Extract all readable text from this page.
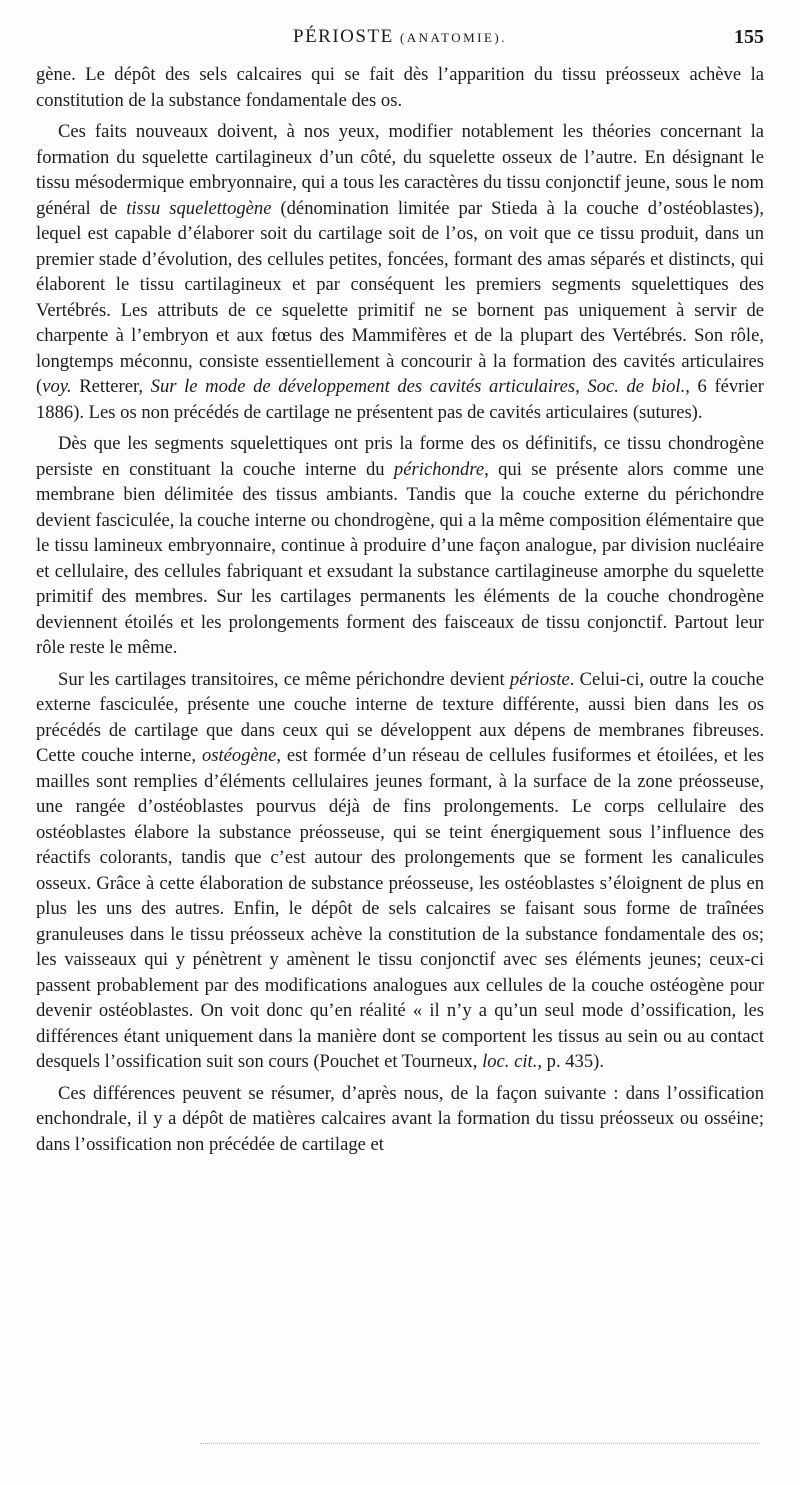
PÉRIOSTE (ANATOMIE).	155

gène. Le dépôt des sels calcaires qui se fait dès l’apparition du tissu préosseux achève la constitution de la substance fondamentale des os.

Ces faits nouveaux doivent, à nos yeux, modifier notablement les théories concernant la formation du squelette cartilagineux d’un côté, du squelette osseux de l’autre. En désignant le tissu mésodermique embryonnaire, qui a tous les caractères du tissu conjonctif jeune, sous le nom général de tissu squelettogène (dénomination limitée par Stieda à la couche d’ostéoblastes), lequel est capable d’élaborer soit du cartilage soit de l’os, on voit que ce tissu produit, dans un premier stade d’évolution, des cellules petites, foncées, formant des amas séparés et distincts, qui élaborent le tissu cartilagineux et par conséquent les premiers segments squelettiques des Vertébrés. Les attributs de ce squelette primitif ne se bornent pas uniquement à servir de charpente à l’embryon et aux fœtus des Mammifères et de la plupart des Vertébrés. Son rôle, longtemps méconnu, consiste essentiellement à concourir à la formation des cavités articulaires (voy. Retterer, Sur le mode de développement des cavités articulaires, Soc. de biol., 6 février 1886). Les os non précédés de cartilage ne présentent pas de cavités articulaires (sutures).

Dès que les segments squelettiques ont pris la forme des os définitifs, ce tissu chondrogène persiste en constituant la couche interne du périchondre, qui se présente alors comme une membrane bien délimitée des tissus ambiants. Tandis que la couche externe du périchondre devient fasciculée, la couche interne ou chondrogène, qui a la même composition élémentaire que le tissu lamineux embryonnaire, continue à produire d’une façon analogue, par division nucléaire et cellulaire, des cellules fabriquant et exsudant la substance cartilagineuse amorphe du squelette primitif des membres. Sur les cartilages permanents les éléments de la couche chondrogène deviennent étoilés et les prolongements forment des faisceaux de tissu conjonctif. Partout leur rôle reste le même.

Sur les cartilages transitoires, ce même périchondre devient périoste. Celui-ci, outre la couche externe fasciculée, présente une couche interne de texture différente, aussi bien dans les os précédés de cartilage que dans ceux qui se développent aux dépens de membranes fibreuses. Cette couche interne, ostéogène, est formée d’un réseau de cellules fusiformes et étoilées, et les mailles sont remplies d’éléments cellulaires jeunes formant, à la surface de la zone préosseuse, une rangée d’ostéoblastes pourvus déjà de fins prolongements. Le corps cellulaire des ostéoblastes élabore la substance préosseuse, qui se teint énergiquement sous l’influence des réactifs colorants, tandis que c’est autour des prolongements que se forment les canalicules osseux. Grâce à cette élaboration de substance préosseuse, les ostéoblastes s’éloignent de plus en plus les uns des autres. Enfin, le dépôt de sels calcaires se faisant sous forme de traînées granuleuses dans le tissu préosseux achève la constitution de la substance fondamentale des os; les vaisseaux qui y pénètrent y amènent le tissu conjonctif avec ses éléments jeunes; ceux-ci passent probablement par des modifications analogues aux cellules de la couche ostéogène pour devenir ostéoblastes. On voit donc qu’en réalité « il n’y a qu’un seul mode d’ossification, les différences étant uniquement dans la manière dont se comportent les tissus au sein ou au contact desquels l’ossification suit son cours (Pouchet et Tourneux, loc. cit., p. 435).

Ces différences peuvent se résumer, d’après nous, de la façon suivante : dans l’ossification enchondrale, il y a dépôt de matières calcaires avant la formation du tissu préosseux ou osséine; dans l’ossification non précédée de cartilage et
